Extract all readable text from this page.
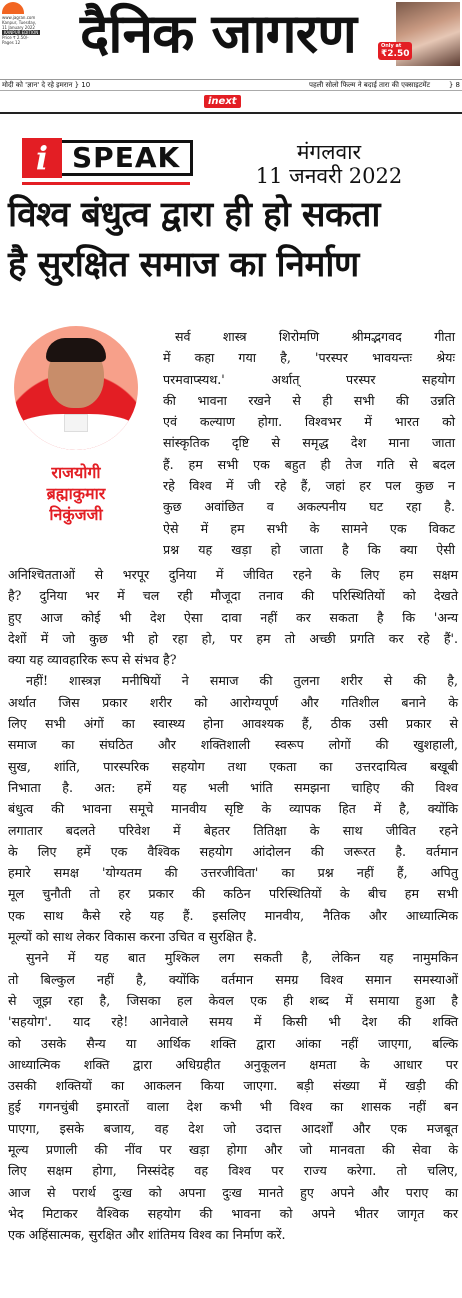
www.jagran.com
Kanpur, Tuesday,
11 January 2022
KANPUR EDITION
Price ₹ 2.50/-
Pages 12	दैनिक जागरण	Only at
₹2.50
मोदी को 'ज्ञान' दे रहे इमरान } 10	पहली सोलो फिल्म ने बदाई तारा की एक्साइटमेंट	} 8
inext
i SPEAK	मंगलवार
11 जनवरी 2022
विश्व बंधुत्व द्वारा ही हो सकता
है सुरक्षित समाज का निर्माण
राजयोगी
ब्रह्माकुमार
निकुंजजी
सर्व शास्त्र शिरोमणि श्रीमद्भगवद गीता
में कहा गया है, 'परस्पर भावयन्तः श्रेयः
परमवाप्स्यथ.' अर्थात् परस्पर सहयोग
की भावना रखने से ही सभी की उन्नति
एवं कल्याण होगा. विश्वभर में भारत को
सांस्कृतिक दृष्टि से समृद्ध देश माना जाता
हैं. हम सभी एक बहुत ही तेज गति से बदल
रहे विश्व में जी रहे हैं, जहां हर पल कुछ न
कुछ अवांछित व अकल्पनीय घट रहा है.
ऐसे में हम सभी के सामने एक विकट
प्रश्न यह खड़ा हो जाता है कि क्या ऐसी
अनिश्चितताओं से भरपूर दुनिया में जीवित रहने के लिए हम सक्षम
है? दुनिया भर में चल रही मौजूदा तनाव की परिस्थितियों को देखते
हुए आज कोई भी देश ऐसा दावा नहीं कर सकता है कि 'अन्य
देशों में जो कुछ भी हो रहा हो, पर हम तो अच्छी प्रगति कर रहे हैं'.
क्या यह व्यावहारिक रूप से संभव है?
नहीं! शास्त्रज्ञ मनीषियों ने समाज की तुलना शरीर से की है,
अर्थात जिस प्रकार शरीर को आरोग्यपूर्ण और गतिशील बनाने के
लिए सभी अंगों का स्वास्थ्य होना आवश्यक हैं, ठीक उसी प्रकार से
समाज का संघठित और शक्तिशाली स्वरूप लोगों की खुशहाली,
सुख, शांति, पारस्परिक सहयोग तथा एकता का उत्तरदायित्व बखूबी
निभाता है. अत: हमें यह भली भांति समझना चाहिए की विश्व
बंधुत्व की भावना समूचे मानवीय सृष्टि के व्यापक हित में है, क्योंकि
लगातार बदलते परिवेश में बेहतर तितिक्षा के साथ जीवित रहने
के लिए हमें एक वैश्विक सहयोग आंदोलन की जरूरत है. वर्तमान
हमारे समक्ष 'योग्यतम की उत्तरजीविता' का प्रश्न नहीं हैं, अपितु
मूल चुनौती तो हर प्रकार की कठिन परिस्थितियों के बीच हम सभी
एक साथ कैसे रहे यह हैं. इसलिए मानवीय, नैतिक और आध्यात्मिक
मूल्यों को साथ लेकर विकास करना उचित व सुरक्षित है.
सुनने में यह बात मुश्किल लग सकती है, लेकिन यह नामुमकिन
तो बिल्कुल नहीं है, क्योंकि वर्तमान समग्र विश्व समान समस्याओं
से जूझ रहा है, जिसका हल केवल एक ही शब्द में समाया हुआ है
'सहयोग'. याद रहे! आनेवाले समय में किसी भी देश की शक्ति
को उसके सैन्य या आर्थिक शक्ति द्वारा आंका नहीं जाएगा, बल्कि
आध्यात्मिक शक्ति द्वारा अधिग्रहीत अनुकूलन क्षमता के आधार पर
उसकी शक्तियों का आकलन किया जाएगा. बड़ी संख्या में खड़ी की
हुई गगनचुंबी इमारतों वाला देश कभी भी विश्व का शासक नहीं बन
पाएगा, इसके बजाय, वह देश जो उदात्त आदर्शों और एक मजबूत
मूल्य प्रणाली की नींव पर खड़ा होगा और जो मानवता की सेवा के
लिए सक्षम होगा, निस्संदेह वह विश्व पर राज्य करेगा. तो चलिए,
आज से परार्थ दुःख को अपना दुःख मानते हुए अपने और पराए का
भेद मिटाकर वैश्विक सहयोग की भावना को अपने भीतर जागृत कर
एक अहिंसात्मक, सुरक्षित और शांतिमय विश्व का निर्माण करें.
